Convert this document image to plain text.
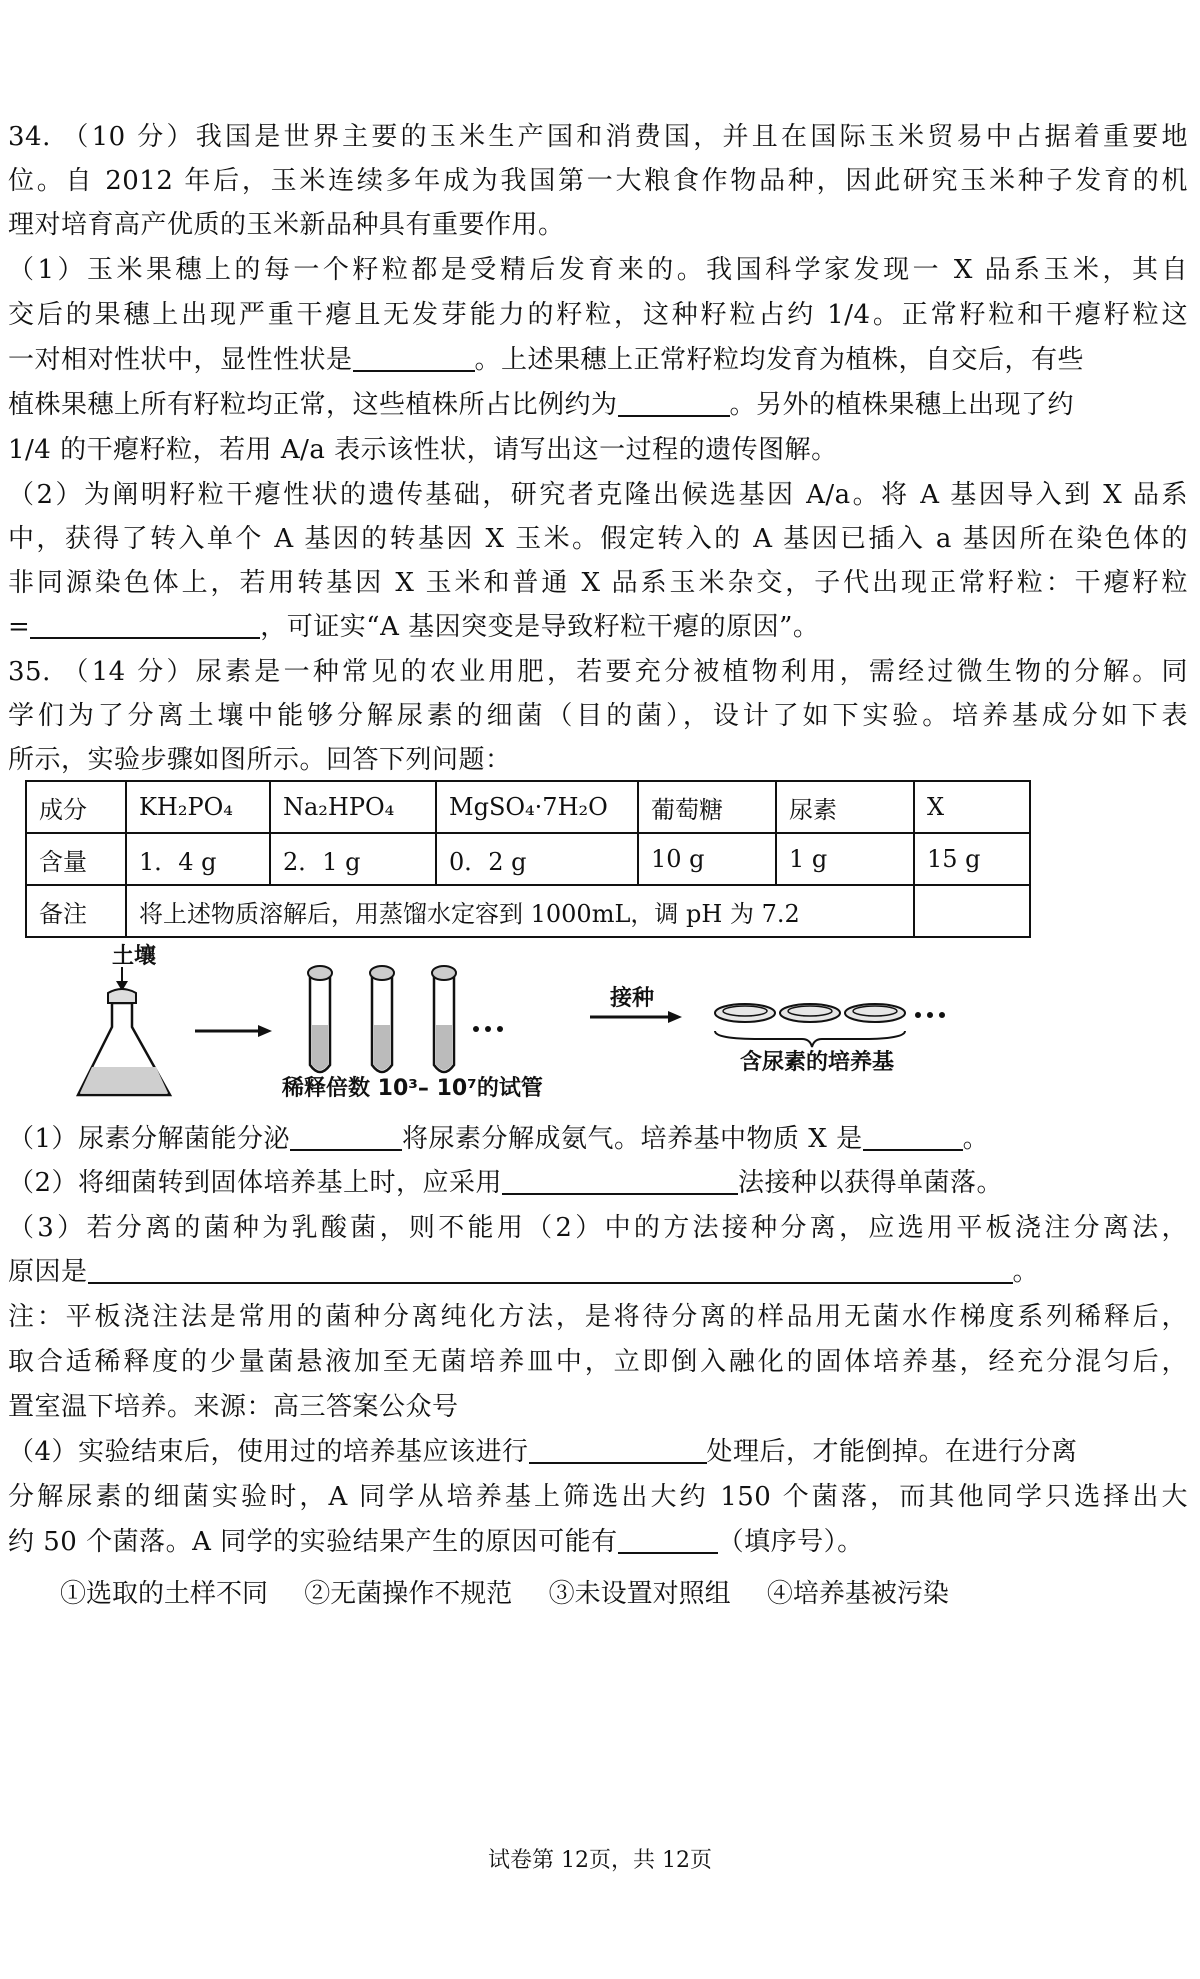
34. （10 分）我国是世界主要的玉米生产国和消费国，并且在国际玉米贸易中占据着重要地
位。自 2012 年后，玉米连续多年成为我国第一大粮食作物品种，因此研究玉米种子发育的机
理对培育高产优质的玉米新品种具有重要作用。
（1）玉米果穗上的每一个籽粒都是受精后发育来的。我国科学家发现一 X 品系玉米，其自
交后的果穗上出现严重干瘪且无发芽能力的籽粒，这种籽粒占约 1/4。正常籽粒和干瘪籽粒这
一对相对性状中，显性性状是	。上述果穗上正常籽粒均发育为植株，自交后，有些
植株果穗上所有籽粒均正常，这些植株所占比例约为	。另外的植株果穗上出现了约
1/4 的干瘪籽粒，若用 A/a 表示该性状，请写出这一过程的遗传图解。
（2）为阐明籽粒干瘪性状的遗传基础，研究者克隆出候选基因 A/a。将 A 基因导入到 X 品系
中，获得了转入单个 A 基因的转基因 X 玉米。假定转入的 A 基因已插入 a 基因所在染色体的
非同源染色体上，若用转基因 X 玉米和普通 X 品系玉米杂交，子代出现正常籽粒：干瘪籽粒
=	，可证实“A 基因突变是导致籽粒干瘪的原因”。
35. （14 分）尿素是一种常见的农业用肥，若要充分被植物利用，需经过微生物的分解。同
学们为了分离土壤中能够分解尿素的细菌（目的菌），设计了如下实验。培养基成分如下表
所示，实验步骤如图所示。回答下列问题：
成分	KH₂PO₄	Na₂HPO₄	MgSO₄·7H₂O	葡萄糖	尿素	X
含量	1．4 g	2．1 g	0．2 g	10 g	1 g	15 g
备注	将上述物质溶解后，用蒸馏水定容到 1000mL，调 pH 为 7.2					
土壤
稀释倍数 10³– 10⁷的试管
接种
含尿素的培养基
（1）尿素分解菌能分泌	将尿素分解成氨气。培养基中物质 X 是	。
（2）将细菌转到固体培养基上时，应采用	法接种以获得单菌落。
（3）若分离的菌种为乳酸菌，则不能用（2）中的方法接种分离，应选用平板浇注分离法，
原因是	。
注：平板浇注法是常用的菌种分离纯化方法，是将待分离的样品用无菌水作梯度系列稀释后，
取合适稀释度的少量菌悬液加至无菌培养皿中，立即倒入融化的固体培养基，经充分混匀后，
置室温下培养。来源：高三答案公众号
（4）实验结束后，使用过的培养基应该进行	处理后，才能倒掉。在进行分离
分解尿素的细菌实验时，A 同学从培养基上筛选出大约 150 个菌落，而其他同学只选择出大
约 50 个菌落。A 同学的实验结果产生的原因可能有	（填序号）。
①选取的土样不同 ②无菌操作不规范 ③未设置对照组 ④培养基被污染
试卷第 12页，共 12页
